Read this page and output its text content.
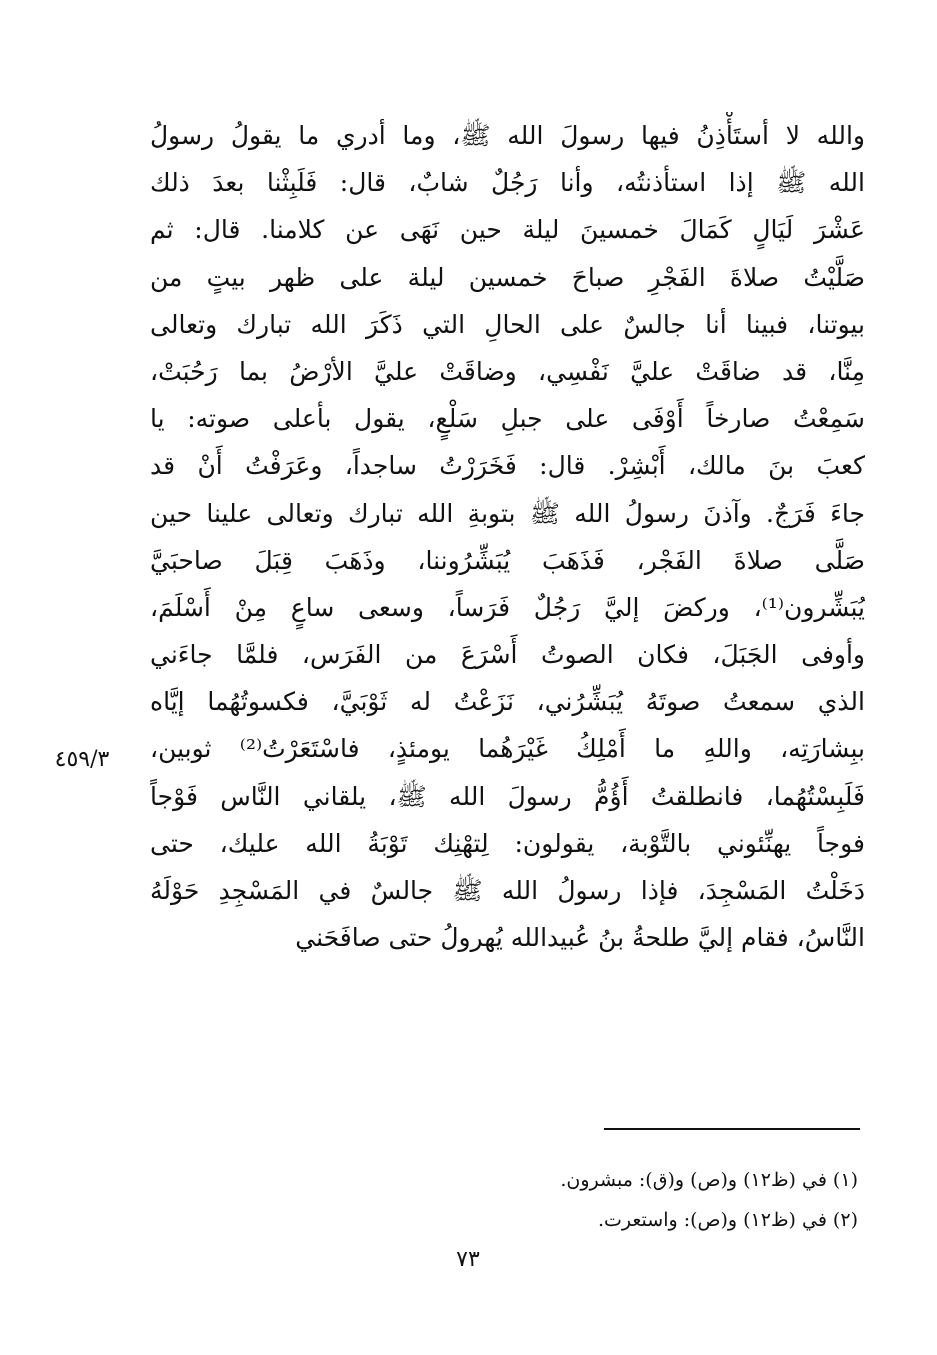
والله لا أستَأْذِنُ فيها رسولَ الله ﷺ، وما أدري ما يقولُ رسولُ
الله ﷺ إذا استأذنتُه، وأنا رَجُلٌ شابٌ، قال: فَلَبِثْنا بعدَ ذلك
عَشْرَ لَيَالٍ كَمَالَ خمسينَ ليلة حين نَهَى عن كلامنا. قال: ثم
صَلَّيْتُ صلاةَ الفَجْرِ صباحَ خمسين ليلة على ظهر بيتٍ من
بيوتنا، فبينا أنا جالسٌ على الحالِ التي ذَكَرَ الله تبارك وتعالى
مِنَّا، قد ضاقَتْ عليَّ نَفْسِي، وضاقَتْ عليَّ الأرْضُ بما رَحُبَتْ،
سَمِعْتُ صارخاً أَوْفَى على جبلِ سَلْعٍ، يقول بأعلى صوته: يا
كعبَ بنَ مالك، أَبْشِرْ. قال: فَخَرَرْتُ ساجداً، وعَرَفْتُ أَنْ قد
جاءَ فَرَجٌ. وآذنَ رسولُ الله ﷺ بتوبةِ الله تبارك وتعالى علينا حين
صَلَّى صلاةَ الفَجْر، فَذَهَبَ يُبَشِّرُوننا، وذَهَبَ قِبَلَ صاحبَيَّ
يُبَشِّرون⁽¹⁾، وركضَ إليَّ رَجُلٌ فَرَساً، وسعى ساعٍ مِنْ أَسْلَمَ،
وأوفى الجَبَلَ، فكان الصوتُ أَسْرَعَ من الفَرَس، فلمَّا جاءَني
الذي سمعتُ صوتَهُ يُبَشِّرُني، نَزَعْتُ له ثَوْبَيَّ، فكسوتُهُما إيَّاه
ببِشارَتِه، واللهِ ما أَمْلِكُ غَيْرَهُما يومئذٍ، فاسْتَعَرْتُ⁽²⁾ ثوبين،
فَلَبِسْتُهُما، فانطلقتُ أَؤُمُّ رسولَ الله ﷺ، يلقاني النَّاس فَوْجاً
فوجاً يهنِّئوني بالتَّوْبة، يقولون: لِتهْنِك تَوْبَةُ الله عليك، حتى
دَخَلْتُ المَسْجِدَ، فإذا رسولُ الله ﷺ جالسٌ في المَسْجِدِ حَوْلَهُ
النَّاسُ، فقام إليَّ طلحةُ بنُ عُبيدالله يُهرولُ حتى صافَحَني
٤٥٩/٣
(١) في (ظ١٢) و(ص) و(ق): مبشرون.
(٢) في (ظ١٢) و(ص): واستعرت.
٧٣
